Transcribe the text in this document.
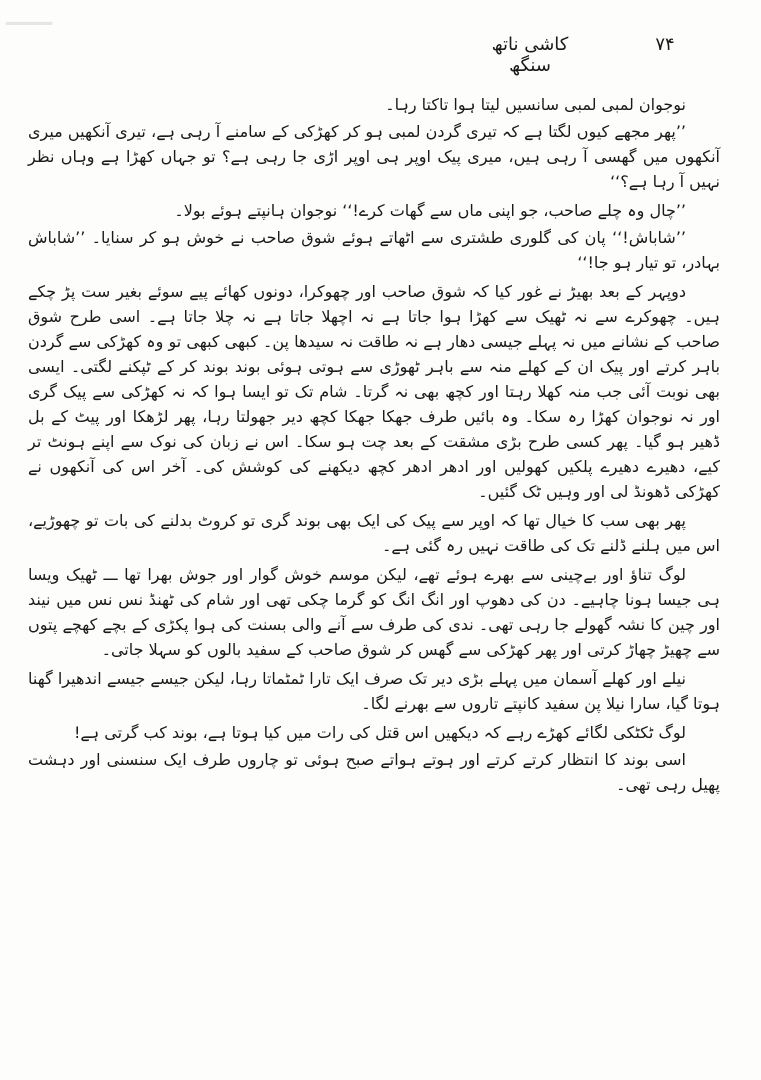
▁▁▁
کاشی ناتھ سنگھ
۷۴

نوجوان لمبی لمبی سانسیں لیتا ہوا تاکتا رہا۔

’’پھر مجھے کیوں لگتا ہے کہ تیری گردن لمبی ہو کر کھڑکی کے سامنے آ رہی ہے، تیری آنکھیں میری آنکھوں میں گھسی آ رہی ہیں، میری پیک اوپر ہی اوپر اڑی جا رہی ہے؟ تو جہاں کھڑا ہے وہاں نظر نہیں آ رہا ہے؟‘‘

’’چال وہ چلے صاحب، جو اپنی ماں سے گھات کرے!‘‘ نوجوان ہانپتے ہوئے بولا۔

’’شاباش!‘‘ پان کی گلوری طشتری سے اٹھاتے ہوئے شوق صاحب نے خوش ہو کر سنایا۔ ’’شاباش بہادر، تو تیار ہو جا!‘‘

دوپہر کے بعد بھیڑ نے غور کیا کہ شوق صاحب اور چھوکرا، دونوں کھائے پیے سوئے بغیر ست پڑ چکے ہیں۔ چھوکرے سے نہ ٹھیک سے کھڑا ہوا جاتا ہے نہ اچھلا جاتا ہے نہ چلا جاتا ہے۔ اسی طرح شوق صاحب کے نشانے میں نہ پہلے جیسی دھار ہے نہ طاقت نہ سیدھا پن۔ کبھی کبھی تو وہ کھڑکی سے گردن باہر کرتے اور پیک ان کے کھلے منہ سے باہر ٹھوڑی سے ہوتی ہوئی بوند بوند کر کے ٹپکنے لگتی۔ ایسی بھی نوبت آئی جب منہ کھلا رہتا اور کچھ بھی نہ گرتا۔ شام تک تو ایسا ہوا کہ نہ کھڑکی سے پیک گری اور نہ نوجوان کھڑا رہ سکا۔ وہ بائیں طرف جھکا جھکا کچھ دیر جھولتا رہا، پھر لڑھکا اور پیٹ کے بل ڈھیر ہو گیا۔ پھر کسی طرح بڑی مشقت کے بعد چت ہو سکا۔ اس نے زبان کی نوک سے اپنے ہونٹ تر کیے، دھیرے دھیرے پلکیں کھولیں اور ادھر ادھر کچھ دیکھنے کی کوشش کی۔ آخر اس کی آنکھوں نے کھڑکی ڈھونڈ لی اور وہیں ٹک گئیں۔

پھر بھی سب کا خیال تھا کہ اوپر سے پیک کی ایک بھی بوند گری تو کروٹ بدلنے کی بات تو چھوڑیے، اس میں ہلنے ڈلنے تک کی طاقت نہیں رہ گئی ہے۔

لوگ تناؤ اور بےچینی سے بھرے ہوئے تھے، لیکن موسم خوش گوار اور جوش بھرا تھا ـــ ٹھیک ویسا ہی جیسا ہونا چاہیے۔ دن کی دھوپ اور انگ انگ کو گرما چکی تھی اور شام کی ٹھنڈ نس نس میں نیند اور چین کا نشہ گھولے جا رہی تھی۔ ندی کی طرف سے آنے والی بسنت کی ہوا پکڑی کے بچے کھچے پتوں سے چھیڑ چھاڑ کرتی اور پھر کھڑکی سے گھس کر شوق صاحب کے سفید بالوں کو سہلا جاتی۔

نیلے اور کھلے آسمان میں پہلے بڑی دیر تک صرف ایک تارا ٹمٹماتا رہا، لیکن جیسے جیسے اندھیرا گھنا ہوتا گیا، سارا نیلا پن سفید کانپتے تاروں سے بھرنے لگا۔

لوگ ٹکٹکی لگائے کھڑے رہے کہ دیکھیں اس قتل کی رات میں کیا ہوتا ہے، بوند کب گرتی ہے!

اسی بوند کا انتظار کرتے کرتے اور ہوتے ہواتے صبح ہوئی تو چاروں طرف ایک سنسنی اور دہشت پھیل رہی تھی۔
